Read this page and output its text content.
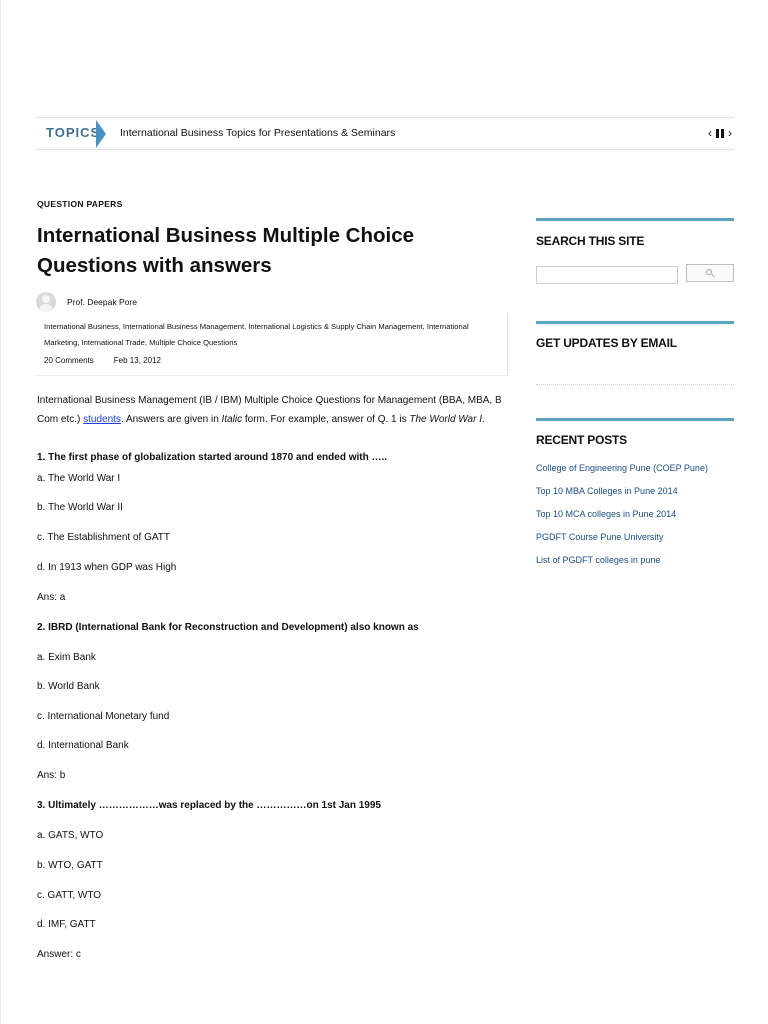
TOPICS International Business Topics for Presentations & Seminars	‹ ›
QUESTION PAPERS
International Business Multiple Choice Questions with answers
Prof. Deepak Pore
International Business, International Business Management, International Logistics & Supply Chain Management, International Marketing, International Trade, Multiple Choice Questions
20 Comments	Feb 13, 2012

International Business Management (IB / IBM) Multiple Choice Questions for Management (BBA, MBA, B Com etc.) students. Answers are given in Italic form. For example, answer of Q. 1 is The World War I.

1. The first phase of globalization started around 1870 and ended with …..
a. The World War I
b. The World War II
c. The Establishment of GATT
d. In 1913 when GDP was High
Ans: a
2. IBRD (International Bank for Reconstruction and Development) also known as
a. Exim Bank
b. World Bank
c. International Monetary fund
d. International Bank
Ans: b
3. Ultimately ………………was replaced by the ……………on 1st Jan 1995
a. GATS, WTO
b. WTO, GATT
c. GATT, WTO
d. IMF, GATT
Answer: c
SEARCH THIS SITE
GET UPDATES BY EMAIL
RECENT POSTS
College of Engineering Pune (COEP Pune)
Top 10 MBA Colleges in Pune 2014
Top 10 MCA colleges in Pune 2014
PGDFT Course Pune University
List of PGDFT colleges in pune
